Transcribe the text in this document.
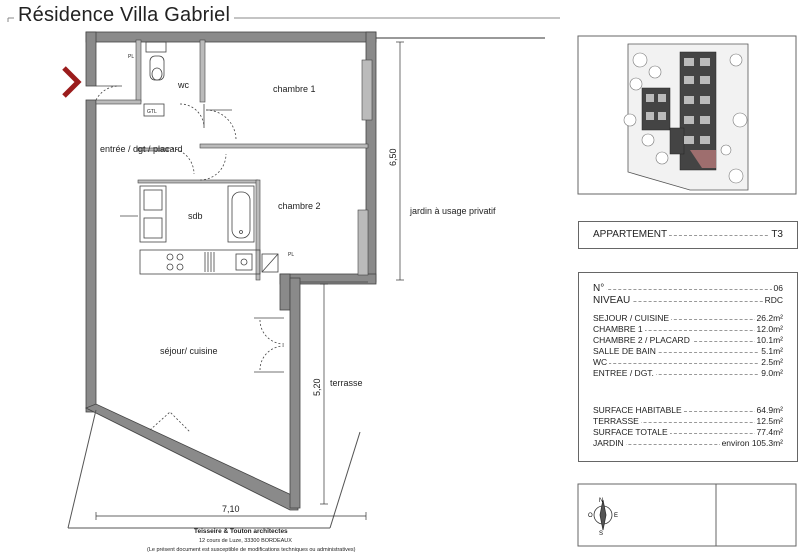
wc	chambre 1
entrée / dgt / placard
sdb
chambre 2
séjour/ cuisine
terrasse
jardin à usage privatif
PL
PL
GTL
7,10
6,50
5,20
Teisseire & Touton architectes
12 cours de Luze, 33300 BORDEAUX
(Le présent document est susceptible de modifications techniques ou administratives)
N
S
E
O
Résidence Villa Gabriel
APPARTEMENT	T3
N°	06
NIVEAU	RDC
SEJOUR / CUISINE	26.2m²
CHAMBRE 1	12.0m²
CHAMBRE 2 / PLACARD	10.1m²
SALLE DE BAIN	5.1m²
WC	2.5m²
ENTREE / DGT.	9.0m²
SURFACE HABITABLE	64.9m²
TERRASSE	12.5m²
SURFACE TOTALE	77.4m²
JARDIN	environ 105.3m²
